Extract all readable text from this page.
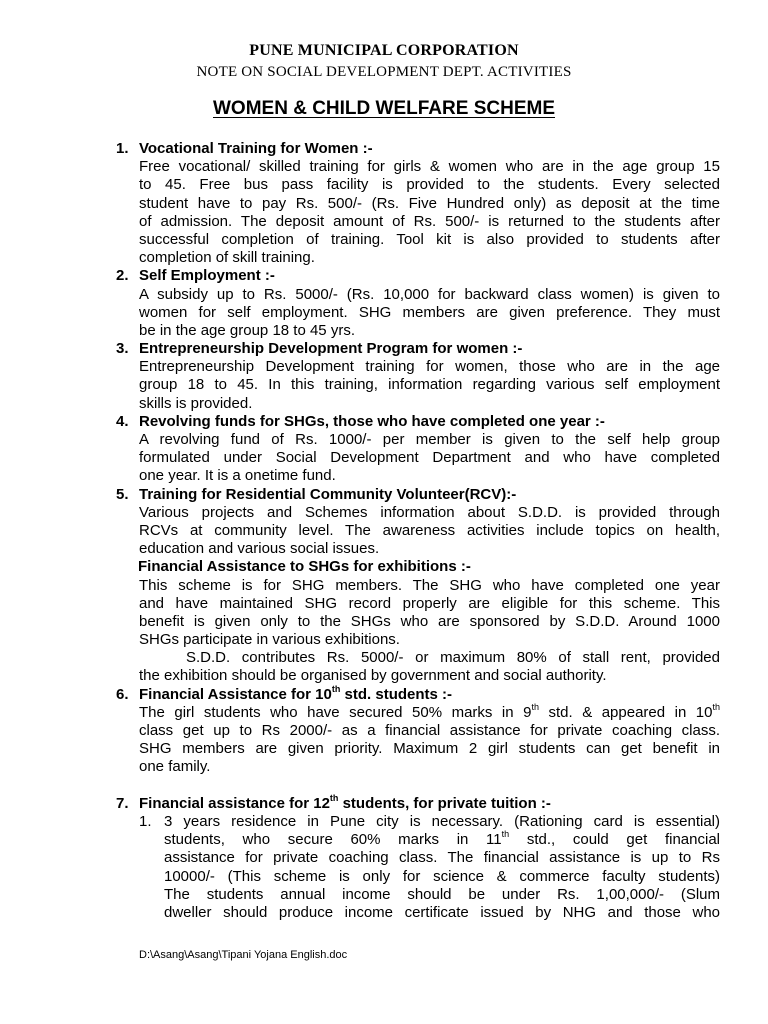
PUNE MUNICIPAL CORPORATION
NOTE ON SOCIAL DEVELOPMENT DEPT. ACTIVITIES
WOMEN & CHILD WELFARE SCHEME
1. Vocational Training for Women :-
Free vocational/ skilled training for girls & women who are in the age group 15
to 45. Free bus pass facility is provided to the students. Every selected
student have to pay Rs. 500/- (Rs. Five Hundred only) as deposit at the time
of admission. The deposit amount of Rs. 500/- is returned to the students after
successful completion of training. Tool kit is also provided to students after
completion of skill training.
2. Self Employment :-
A subsidy up to Rs. 5000/- (Rs. 10,000 for backward class women) is given to
women for self employment. SHG members are given preference. They must
be in the age group 18 to 45 yrs.
3. Entrepreneurship Development Program for women :-
Entrepreneurship Development training for women, those who are in the age
group 18 to 45. In this training, information regarding various self employment
skills is provided.
4. Revolving funds for SHGs, those who have completed one year :-
A revolving fund of Rs. 1000/- per member is given to the self help group
formulated under Social Development Department and who have completed
one year. It is a onetime fund.
5. Training for Residential Community Volunteer(RCV):-
Various projects and Schemes information about S.D.D. is provided through
RCVs at community level. The awareness activities include topics on health,
education and various social issues.
Financial Assistance to SHGs for exhibitions :-
This scheme is for SHG members. The SHG who have completed one year
and have maintained SHG record properly are eligible for this scheme. This
benefit is given only to the SHGs who are sponsored by S.D.D. Around 1000
SHGs participate in various exhibitions.
S.D.D. contributes Rs. 5000/- or maximum 80% of stall rent, provided
the exhibition should be organised by government and social authority.
6. Financial Assistance for 10th std. students :-
The girl students who have secured 50% marks in 9th std. & appeared in 10th
class get up to Rs 2000/- as a financial assistance for private coaching class.
SHG members are given priority. Maximum 2 girl students can get benefit in
one family.
7. Financial assistance for 12th students, for private tuition :-
1. 3 years residence in Pune city is necessary. (Rationing card is essential)
students, who secure 60% marks in 11th std., could get financial
assistance for private coaching class. The financial assistance is up to Rs
10000/- (This scheme is only for science & commerce faculty students)
The students annual income should be under Rs. 1,00,000/- (Slum
dweller should produce income certificate issued by NHG and those who
D:\Asang\Asang\Tipani Yojana English.doc
